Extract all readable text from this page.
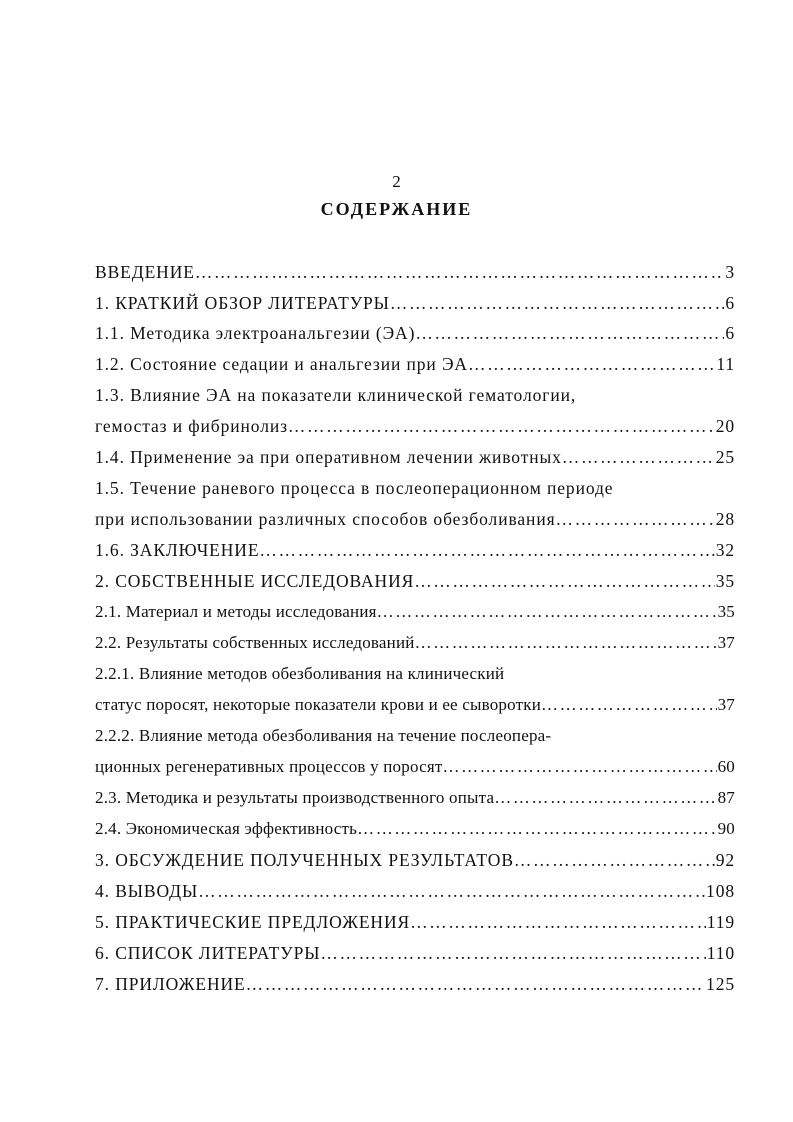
2
СОДЕРЖАНИЕ
ВВЕДЕНИЕ …………………………………………………………………………………………………………………………………………………………………………………	3
1. КРАТКИЙ ОБЗОР ЛИТЕРАТУРЫ …………………………………………………………………………………………………………………………………………………………………………………	6
1.1. Методика электроанальгезии (ЭА) …………………………………………………………………………………………………………………………………………………………………………………	6
1.2. Состояние седации и анальгезии при ЭА …………………………………………………………………………………………………………………………………………………………………………………	11
1.3. Влияние ЭА на показатели клинической гематологии,
гемостаз и фибринолиз …………………………………………………………………………………………………………………………………………………………………………………	20
1.4. Применение эа при оперативном лечении животных …………………………………………………………………………………………………………………………………………………………………………………	25
1.5. Течение раневого процесса в послеоперационном периоде
при использовании различных способов обезболивания …………………………………………………………………………………………………………………………………………………………………………………	28
1.6. ЗАКЛЮЧЕНИЕ …………………………………………………………………………………………………………………………………………………………………………………	32
2. СОБСТВЕННЫЕ ИССЛЕДОВАНИЯ …………………………………………………………………………………………………………………………………………………………………………………	35
2.1. Материал и методы исследования …………………………………………………………………………………………………………………………………………………………………………………	35
2.2. Результаты собственных исследований …………………………………………………………………………………………………………………………………………………………………………………	37
2.2.1. Влияние методов обезболивания на клинический
статус поросят, некоторые показатели крови и ее сыворотки …………………………………………………………………………………………………………………………………………………………………………………	37
2.2.2. Влияние метода обезболивания на течение послеопера-
ционных регенеративных процессов у поросят …………………………………………………………………………………………………………………………………………………………………………………	60
2.3. Методика и результаты производственного опыта …………………………………………………………………………………………………………………………………………………………………………………	87
2.4. Экономическая эффективность …………………………………………………………………………………………………………………………………………………………………………………	90
3. ОБСУЖДЕНИЕ ПОЛУЧЕННЫХ РЕЗУЛЬТАТОВ …………………………………………………………………………………………………………………………………………………………………………………	92
4. ВЫВОДЫ …………………………………………………………………………………………………………………………………………………………………………………	108
5. ПРАКТИЧЕСКИЕ ПРЕДЛОЖЕНИЯ …………………………………………………………………………………………………………………………………………………………………………………	119
6. СПИСОК ЛИТЕРАТУРЫ …………………………………………………………………………………………………………………………………………………………………………………	110
7. ПРИЛОЖЕНИЕ …………………………………………………………………………………………………………………………………………………………………………………	125
